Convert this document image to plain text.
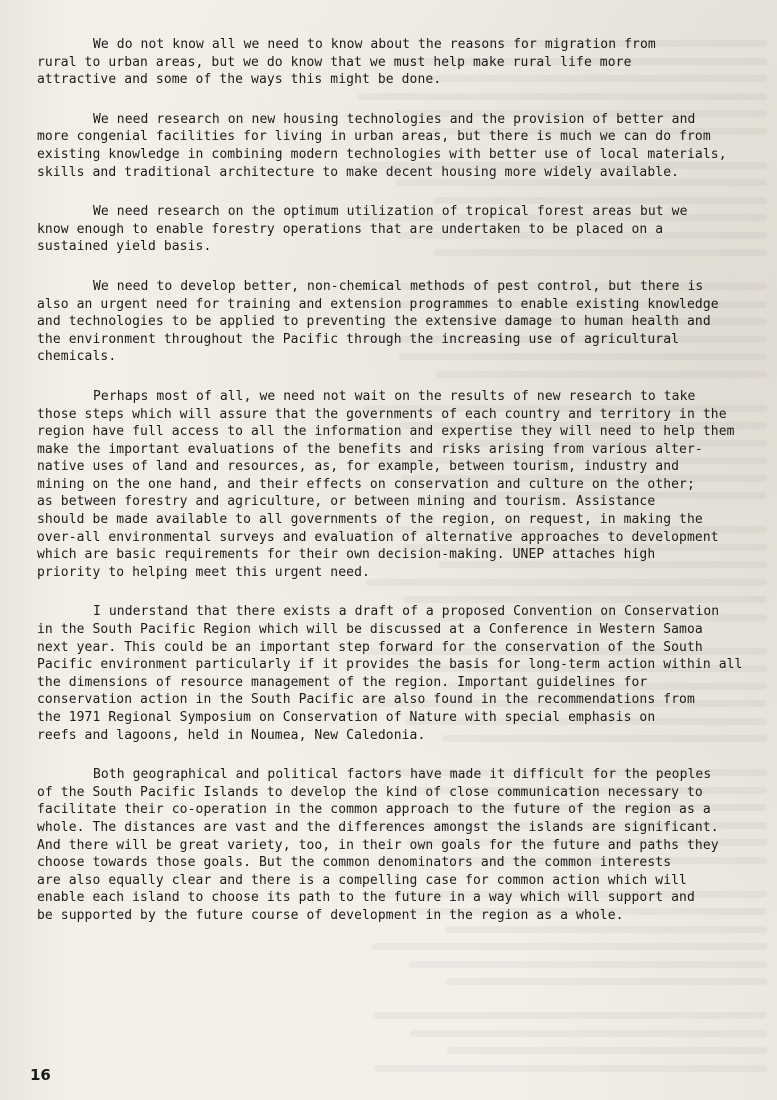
We do not know all we need to know about the reasons for migration from
rural to urban areas, but we do know that we must help make rural life more
attractive and some of the ways this might be done.

We need research on new housing technologies and the provision of better and
more congenial facilities for living in urban areas, but there is much we can do from
existing knowledge in combining modern technologies with better use of local materials,
skills and traditional architecture to make decent housing more widely available.

We need research on the optimum utilization of tropical forest areas but we
know enough to enable forestry operations that are undertaken to be placed on a
sustained yield basis.

We need to develop better, non-chemical methods of pest control, but there is
also an urgent need for training and extension programmes to enable existing knowledge
and technologies to be applied to preventing the extensive damage to human health and
the environment throughout the Pacific through the increasing use of agricultural
chemicals.

Perhaps most of all, we need not wait on the results of new research to take
those steps which will assure that the governments of each country and territory in the
region have full access to all the information and expertise they will need to help them
make the important evaluations of the benefits and risks arising from various alter-
native uses of land and resources, as, for example, between tourism, industry and
mining on the one hand, and their effects on conservation and culture on the other;
as between forestry and agriculture, or between mining and tourism. Assistance
should be made available to all governments of the region, on request, in making the
over-all environmental surveys and evaluation of alternative approaches to development
which are basic requirements for their own decision-making. UNEP attaches high
priority to helping meet this urgent need.

I understand that there exists a draft of a proposed Convention on Conservation
in the South Pacific Region which will be discussed at a Conference in Western Samoa
next year. This could be an important step forward for the conservation of the South
Pacific environment particularly if it provides the basis for long-term action within all
the dimensions of resource management of the region. Important guidelines for
conservation action in the South Pacific are also found in the recommendations from
the 1971 Regional Symposium on Conservation of Nature with special emphasis on
reefs and lagoons, held in Noumea, New Caledonia.

Both geographical and political factors have made it difficult for the peoples
of the South Pacific Islands to develop the kind of close communication necessary to
facilitate their co-operation in the common approach to the future of the region as a
whole. The distances are vast and the differences amongst the islands are significant.
And there will be great variety, too, in their own goals for the future and paths they
choose towards those goals. But the common denominators and the common interests
are also equally clear and there is a compelling case for common action which will
enable each island to choose its path to the future in a way which will support and
be supported by the future course of development in the region as a whole.

16
